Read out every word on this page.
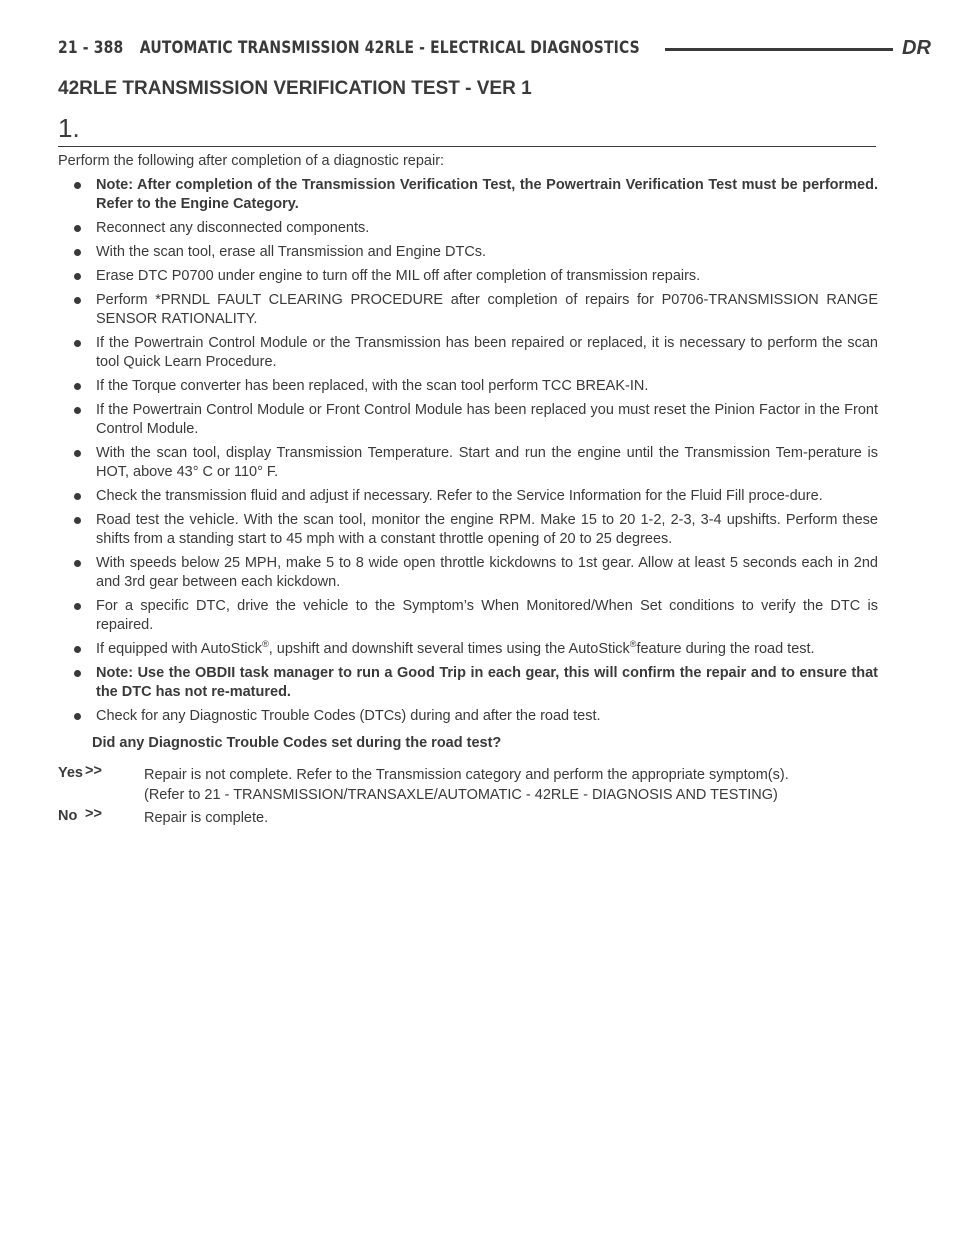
21 - 388 AUTOMATIC TRANSMISSION 42RLE - ELECTRICAL DIAGNOSTICS	DR
42RLE TRANSMISSION VERIFICATION TEST - VER 1
1.
Perform the following after completion of a diagnostic repair:
Note: After completion of the Transmission Verification Test, the Powertrain Verification Test must be performed. Refer to the Engine Category.
Reconnect any disconnected components.
With the scan tool, erase all Transmission and Engine DTCs.
Erase DTC P0700 under engine to turn off the MIL off after completion of transmission repairs.
Perform *PRNDL FAULT CLEARING PROCEDURE after completion of repairs for P0706-TRANSMISSION RANGE SENSOR RATIONALITY.
If the Powertrain Control Module or the Transmission has been repaired or replaced, it is necessary to perform the scan tool Quick Learn Procedure.
If the Torque converter has been replaced, with the scan tool perform TCC BREAK-IN.
If the Powertrain Control Module or Front Control Module has been replaced you must reset the Pinion Factor in the Front Control Module.
With the scan tool, display Transmission Temperature. Start and run the engine until the Transmission Tem-perature is HOT, above 43° C or 110° F.
Check the transmission fluid and adjust if necessary. Refer to the Service Information for the Fluid Fill proce-dure.
Road test the vehicle. With the scan tool, monitor the engine RPM. Make 15 to 20 1-2, 2-3, 3-4 upshifts. Perform these shifts from a standing start to 45 mph with a constant throttle opening of 20 to 25 degrees.
With speeds below 25 MPH, make 5 to 8 wide open throttle kickdowns to 1st gear. Allow at least 5 seconds each in 2nd and 3rd gear between each kickdown.
For a specific DTC, drive the vehicle to the Symptom’s When Monitored/When Set conditions to verify the DTC is repaired.
If equipped with AutoStick®, upshift and downshift several times using the AutoStick®feature during the road test.
Note: Use the OBDII task manager to run a Good Trip in each gear, this will confirm the repair and to ensure that the DTC has not re-matured.
Check for any Diagnostic Trouble Codes (DTCs) during and after the road test.
Did any Diagnostic Trouble Codes set during the road test?
Yes >>	Repair is not complete. Refer to the Transmission category and perform the appropriate symptom(s).
(Refer to 21 - TRANSMISSION/TRANSAXLE/AUTOMATIC - 42RLE - DIAGNOSIS AND TESTING)
No >>	Repair is complete.
